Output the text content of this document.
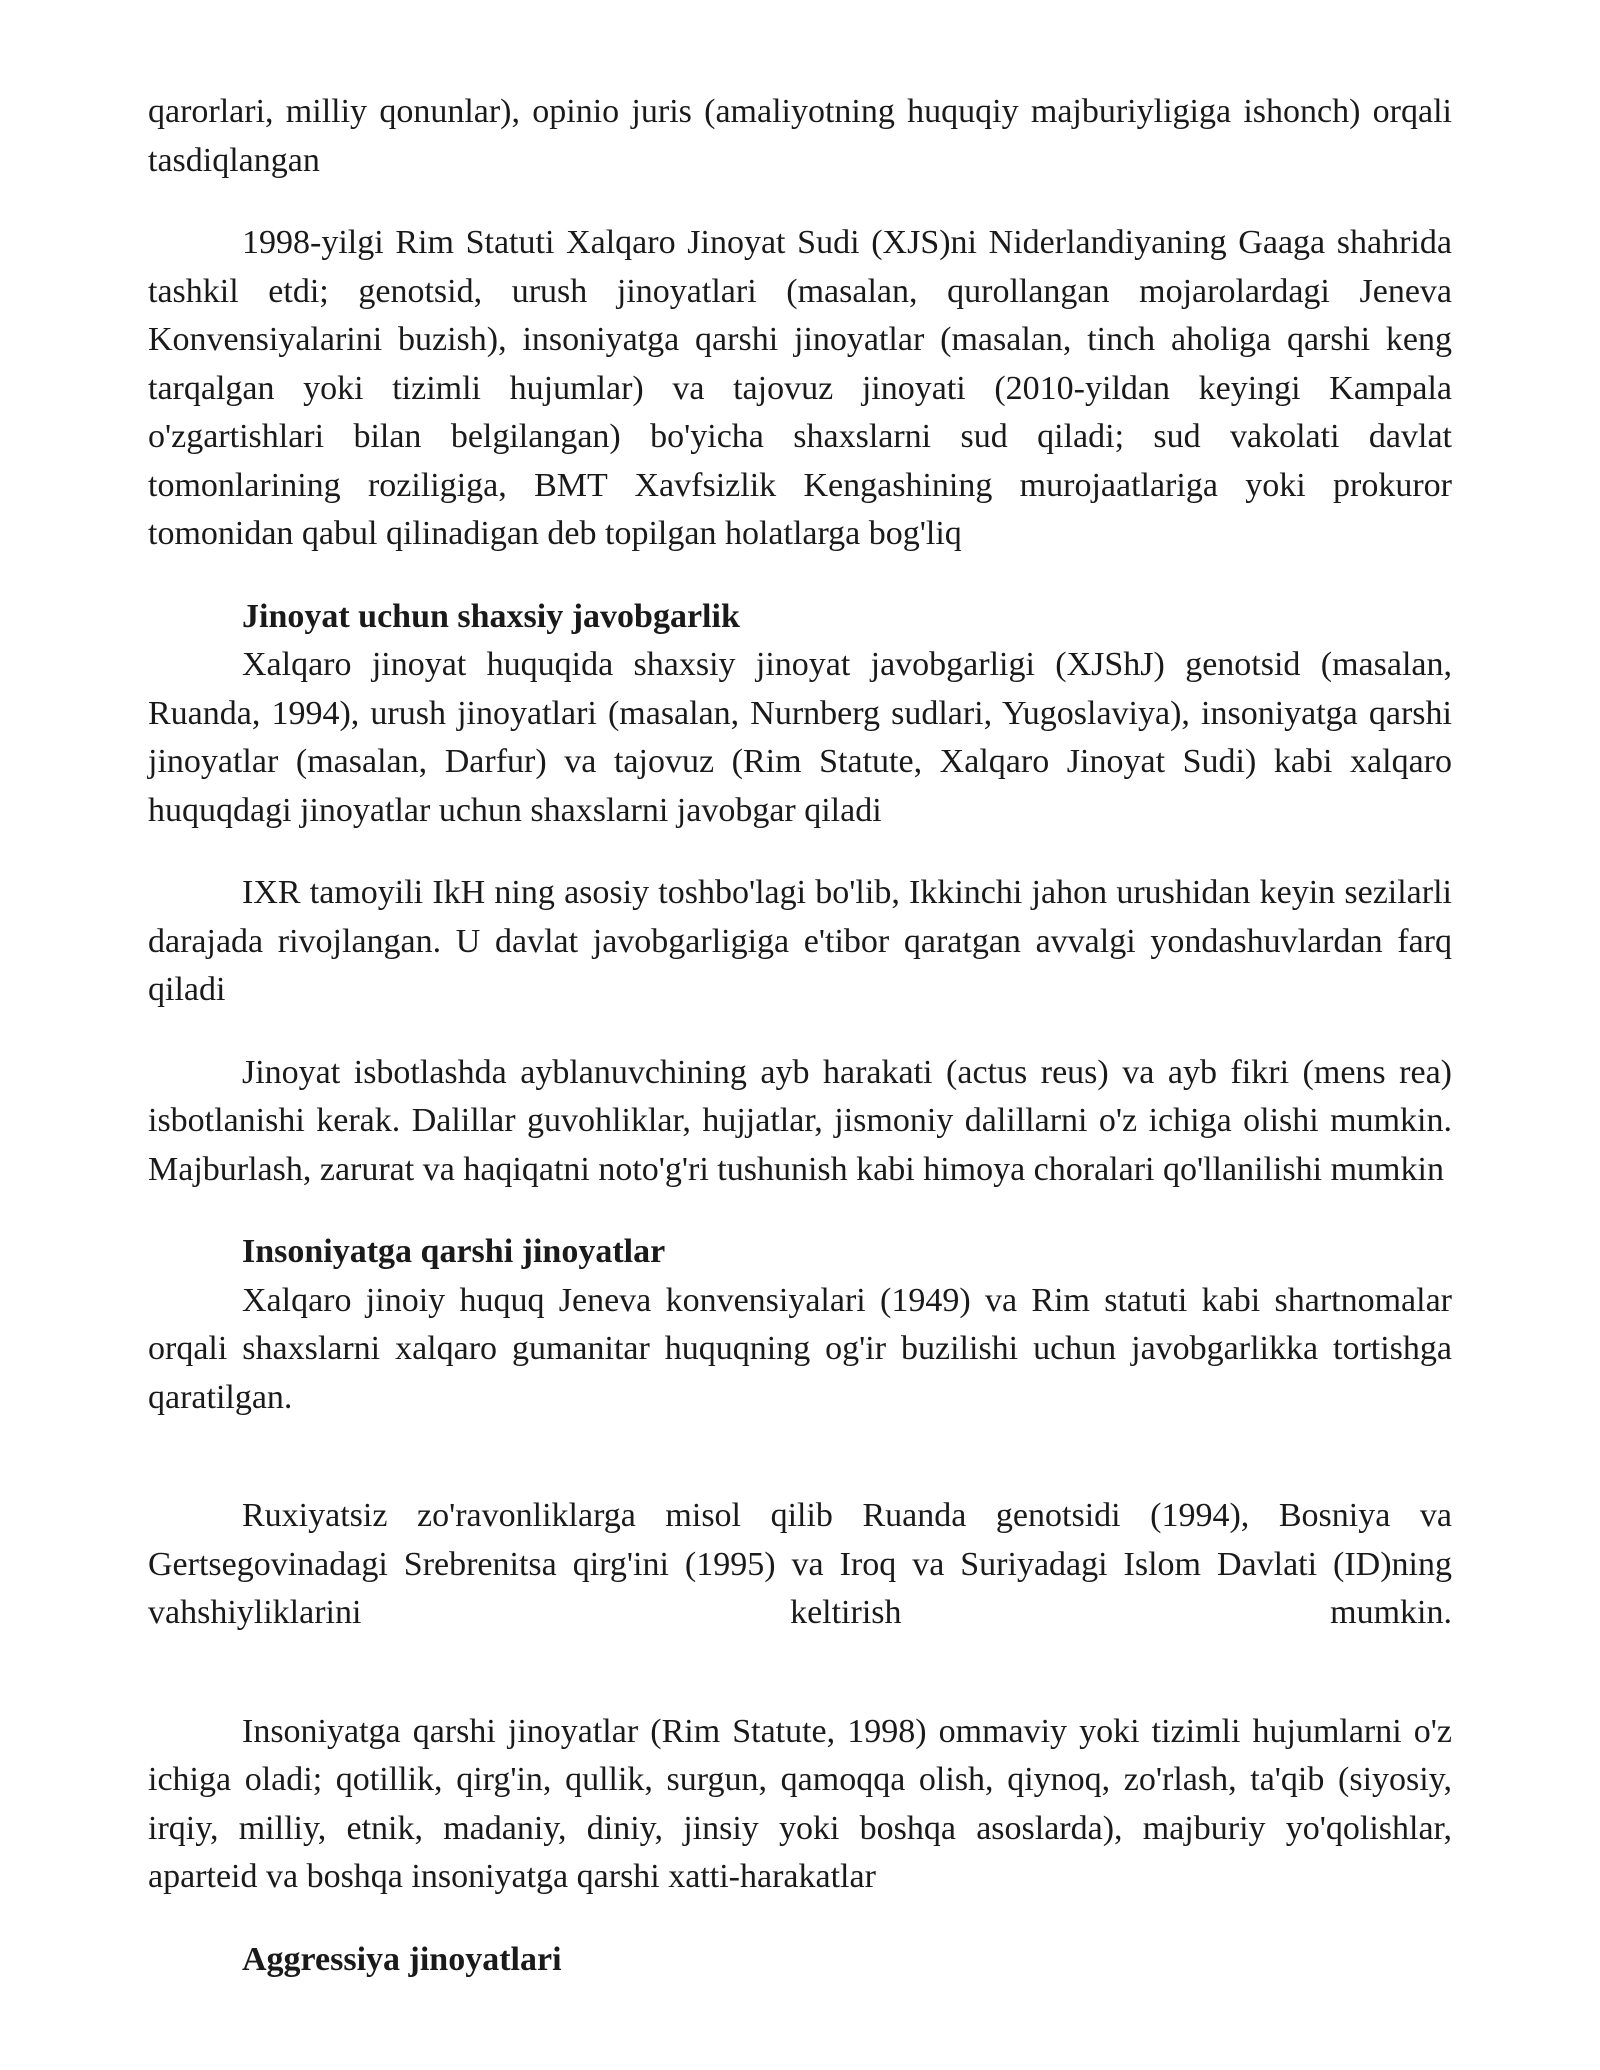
qarorlari, milliy qonunlar), opinio juris (amaliyotning huquqiy majburiyligiga ishonch) orqali tasdiqlangan

1998-yilgi Rim Statuti Xalqaro Jinoyat Sudi (XJS)ni Niderlandiyaning Gaaga shahrida tashkil etdi; genotsid, urush jinoyatlari (masalan, qurollangan mojarolardagi Jeneva Konvensiyalarini buzish), insoniyatga qarshi jinoyatlar (masalan, tinch aholiga qarshi keng tarqalgan yoki tizimli hujumlar) va tajovuz jinoyati (2010-yildan keyingi Kampala o'zgartishlari bilan belgilangan) bo'yicha shaxslarni sud qiladi; sud vakolati davlat tomonlarining roziligiga, BMT Xavfsizlik Kengashining murojaatlariga yoki prokuror tomonidan qabul qilinadigan deb topilgan holatlarga bog'liq

Jinoyat uchun shaxsiy javobgarlik

Xalqaro jinoyat huquqida shaxsiy jinoyat javobgarligi (XJShJ) genotsid (masalan, Ruanda, 1994), urush jinoyatlari (masalan, Nurnberg sudlari, Yugoslaviya), insoniyatga qarshi jinoyatlar (masalan, Darfur) va tajovuz (Rim Statute, Xalqaro Jinoyat Sudi) kabi xalqaro huquqdagi jinoyatlar uchun shaxslarni javobgar qiladi

IXR tamoyili IkH ning asosiy toshbo'lagi bo'lib, Ikkinchi jahon urushidan keyin sezilarli darajada rivojlangan. U davlat javobgarligiga e'tibor qaratgan avvalgi yondashuvlardan farq qiladi

Jinoyat isbotlashda ayblanuvchining ayb harakati (actus reus) va ayb fikri (mens rea) isbotlanishi kerak. Dalillar guvohliklar, hujjatlar, jismoniy dalillarni o'z ichiga olishi mumkin. Majburlash, zarurat va haqiqatni noto'g'ri tushunish kabi himoya choralari qo'llanilishi mumkin

Insoniyatga qarshi jinoyatlar

Xalqaro jinoiy huquq Jeneva konvensiyalari (1949) va Rim statuti kabi shartnomalar orqali shaxslarni xalqaro gumanitar huquqning og'ir buzilishi uchun javobgarlikka tortishga qaratilgan.

Ruxiyatsiz zo'ravonliklarga misol qilib Ruanda genotsidi (1994), Bosniya va Gertsegovinadagi Srebrenitsa qirg'ini (1995) va Iroq va Suriyadagi Islom Davlati (ID)ning vahshiyliklarini keltirish mumkin.

Insoniyatga qarshi jinoyatlar (Rim Statute, 1998) ommaviy yoki tizimli hujumlarni o'z ichiga oladi; qotillik, qirg'in, qullik, surgun, qamoqqa olish, qiynoq, zo'rlash, ta'qib (siyosiy, irqiy, milliy, etnik, madaniy, diniy, jinsiy yoki boshqa asoslarda), majburiy yo'qolishlar, aparteid va boshqa insoniyatga qarshi xatti-harakatlar

Aggressiya jinoyatlari
